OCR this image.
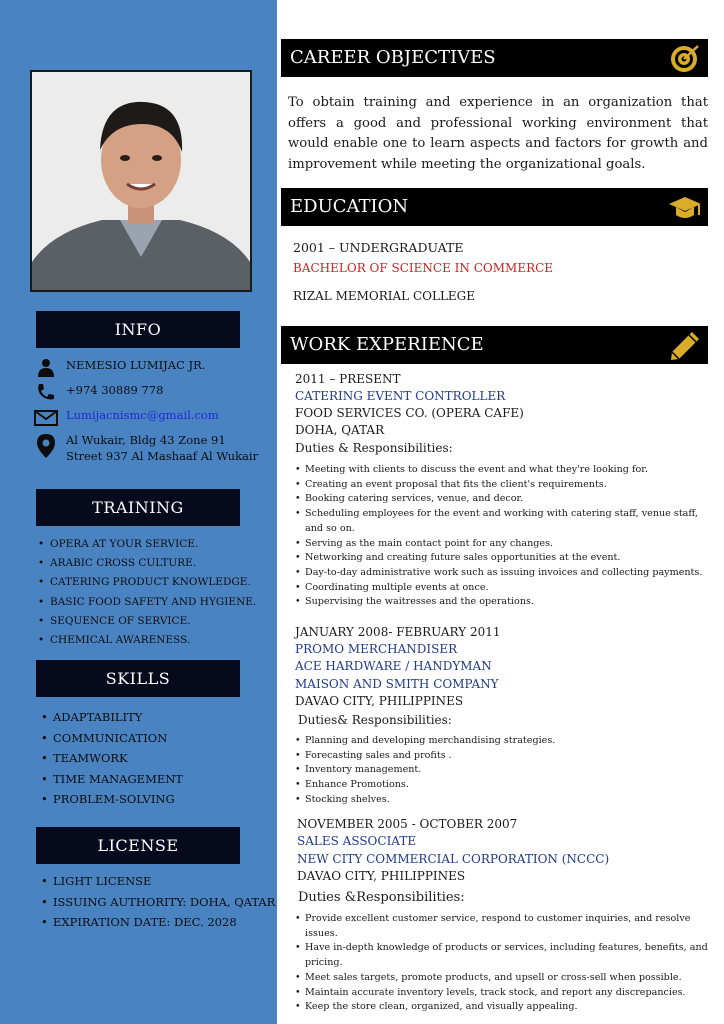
INFO
NEMESIO LUMIJAC JR.
+974 30889 778
Lumijacnismc@gmail.com
Al Wukair, Bldg 43 Zone 91
Street 937 Al Mashaaf Al Wukair
TRAINING
• OPERA AT YOUR SERVICE.
• ARABIC CROSS CULTURE.
• CATERING PRODUCT KNOWLEDGE.
• BASIC FOOD SAFETY AND HYGIENE.
• SEQUENCE OF SERVICE.
• CHEMICAL AWARENESS.
SKILLS
• ADAPTABILITY
• COMMUNICATION
• TEAMWORK
• TIME MANAGEMENT
• PROBLEM-SOLVING
LICENSE
• LIGHT LICENSE
• ISSUING AUTHORITY: DOHA, QATAR
• EXPIRATION DATE: DEC. 2028
CAREER OBJECTIVES

To obtain training and experience in an organization that offers a good and professional working environment that would enable one to learn aspects and factors for growth and improvement while meeting the organizational goals.

EDUCATION
2001 – UNDERGRADUATE
BACHELOR OF SCIENCE IN COMMERCE
RIZAL MEMORIAL COLLEGE
WORK EXPERIENCE
2011 – PRESENT
CATERING EVENT CONTROLLER
FOOD SERVICES CO. (OPERA CAFE)
DOHA, QATAR
Duties & Responsibilities:
• Meeting with clients to discuss the event and what they're looking for.
• Creating an event proposal that fits the client's requirements.
• Booking catering services, venue, and decor.
• Scheduling employees for the event and working with catering staff, venue staff, and so on.
• Serving as the main contact point for any changes.
• Networking and creating future sales opportunities at the event.
• Day-to-day administrative work such as issuing invoices and collecting payments.
• Coordinating multiple events at once.
• Supervising the waitresses and the operations.
JANUARY 2008- FEBRUARY 2011
PROMO MERCHANDISER
ACE HARDWARE / HANDYMAN
MAISON AND SMITH COMPANY
DAVAO CITY, PHILIPPINES
Duties& Responsibilities:
• Planning and developing merchandising strategies.
• Forecasting sales and profits .
• Inventory management.
• Enhance Promotions.
• Stocking shelves.
NOVEMBER 2005 - OCTOBER 2007
SALES ASSOCIATE
NEW CITY COMMERCIAL CORPORATION (NCCC)
DAVAO CITY, PHILIPPINES
Duties &Responsibilities:
• Provide excellent customer service, respond to customer inquiries, and resolve issues.
• Have in-depth knowledge of products or services, including features, benefits, and pricing.
• Meet sales targets, promote products, and upsell or cross-sell when possible.
• Maintain accurate inventory levels, track stock, and report any discrepancies.
• Keep the store clean, organized, and visually appealing.
